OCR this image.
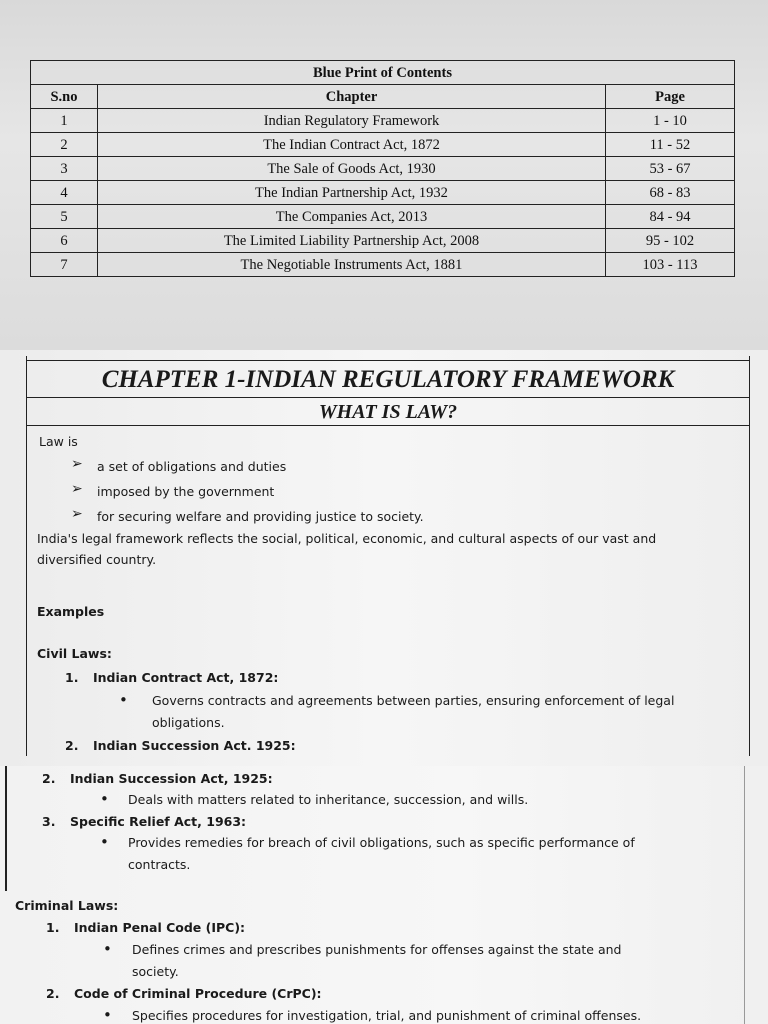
Blue Print of Contents		
S.no	Chapter	Page
1	Indian Regulatory Framework	1 - 10
2	The Indian Contract Act, 1872	11 - 52
3	The Sale of Goods Act, 1930	53 - 67
4	The Indian Partnership Act, 1932	68 - 83
5	The Companies Act, 2013	84 - 94
6	The Limited Liability Partnership Act, 2008	95 - 102
7	The Negotiable Instruments Act, 1881	103 - 113
CHAPTER 1-INDIAN REGULATORY FRAMEWORK
WHAT IS LAW?
Law is
➢ a set of obligations and duties
➢ imposed by the government
➢ for securing welfare and providing justice to society.
India's legal framework reflects the social, political, economic, and cultural aspects of our vast and
diversified country.
Examples
Civil Laws:
1. Indian Contract Act, 1872:
• Governs contracts and agreements between parties, ensuring enforcement of legal
obligations.
2. Indian Succession Act. 1925:
2. Indian Succession Act, 1925:
• Deals with matters related to inheritance, succession, and wills.
3. Specific Relief Act, 1963:
• Provides remedies for breach of civil obligations, such as specific performance of
contracts.
Criminal Laws:
1. Indian Penal Code (IPC):
• Defines crimes and prescribes punishments for offenses against the state and
society.
2. Code of Criminal Procedure (CrPC):
• Specifies procedures for investigation, trial, and punishment of criminal offenses.
